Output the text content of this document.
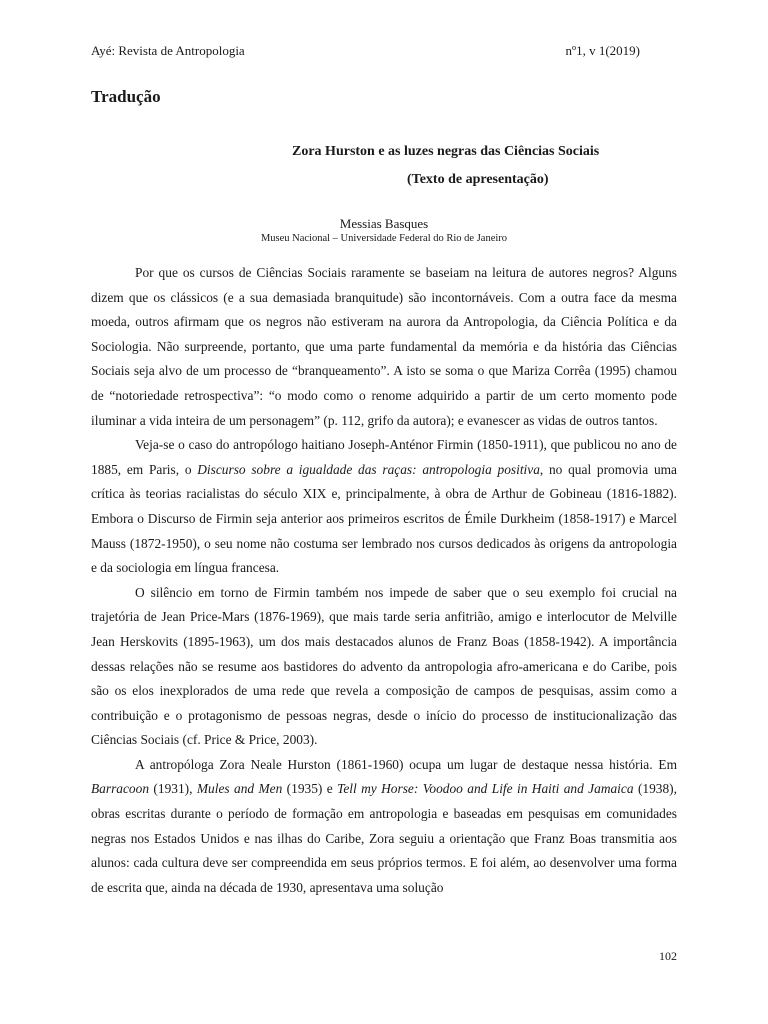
Ayé: Revista de Antropologia	nº1, v 1(2019)
Tradução
Zora Hurston e as luzes negras das Ciências Sociais
(Texto de apresentação)
Messias Basques
Museu Nacional – Universidade Federal do Rio de Janeiro

Por que os cursos de Ciências Sociais raramente se baseiam na leitura de autores negros? Alguns dizem que os clássicos (e a sua demasiada branquitude) são incontornáveis. Com a outra face da mesma moeda, outros afirmam que os negros não estiveram na aurora da Antropologia, da Ciência Política e da Sociologia. Não surpreende, portanto, que uma parte fundamental da memória e da história das Ciências Sociais seja alvo de um processo de “branqueamento”. A isto se soma o que Mariza Corrêa (1995) chamou de “notoriedade retrospectiva”: “o modo como o renome adquirido a partir de um certo momento pode iluminar a vida inteira de um personagem” (p. 112, grifo da autora); e evanescer as vidas de outros tantos.

Veja-se o caso do antropólogo haitiano Joseph-Anténor Firmin (1850-1911), que publicou no ano de 1885, em Paris, o Discurso sobre a igualdade das raças: antropologia positiva, no qual promovia uma crítica às teorias racialistas do século XIX e, principalmente, à obra de Arthur de Gobineau (1816-1882). Embora o Discurso de Firmin seja anterior aos primeiros escritos de Émile Durkheim (1858-1917) e Marcel Mauss (1872-1950), o seu nome não costuma ser lembrado nos cursos dedicados às origens da antropologia e da sociologia em língua francesa.

O silêncio em torno de Firmin também nos impede de saber que o seu exemplo foi crucial na trajetória de Jean Price-Mars (1876-1969), que mais tarde seria anfitrião, amigo e interlocutor de Melville Jean Herskovits (1895-1963), um dos mais destacados alunos de Franz Boas (1858-1942). A importância dessas relações não se resume aos bastidores do advento da antropologia afro-americana e do Caribe, pois são os elos inexplorados de uma rede que revela a composição de campos de pesquisas, assim como a contribuição e o protagonismo de pessoas negras, desde o início do processo de institucionalização das Ciências Sociais (cf. Price & Price, 2003).

A antropóloga Zora Neale Hurston (1861-1960) ocupa um lugar de destaque nessa história. Em Barracoon (1931), Mules and Men (1935) e Tell my Horse: Voodoo and Life in Haiti and Jamaica (1938), obras escritas durante o período de formação em antropologia e baseadas em pesquisas em comunidades negras nos Estados Unidos e nas ilhas do Caribe, Zora seguiu a orientação que Franz Boas transmitia aos alunos: cada cultura deve ser compreendida em seus próprios termos. E foi além, ao desenvolver uma forma de escrita que, ainda na década de 1930, apresentava uma solução

102
